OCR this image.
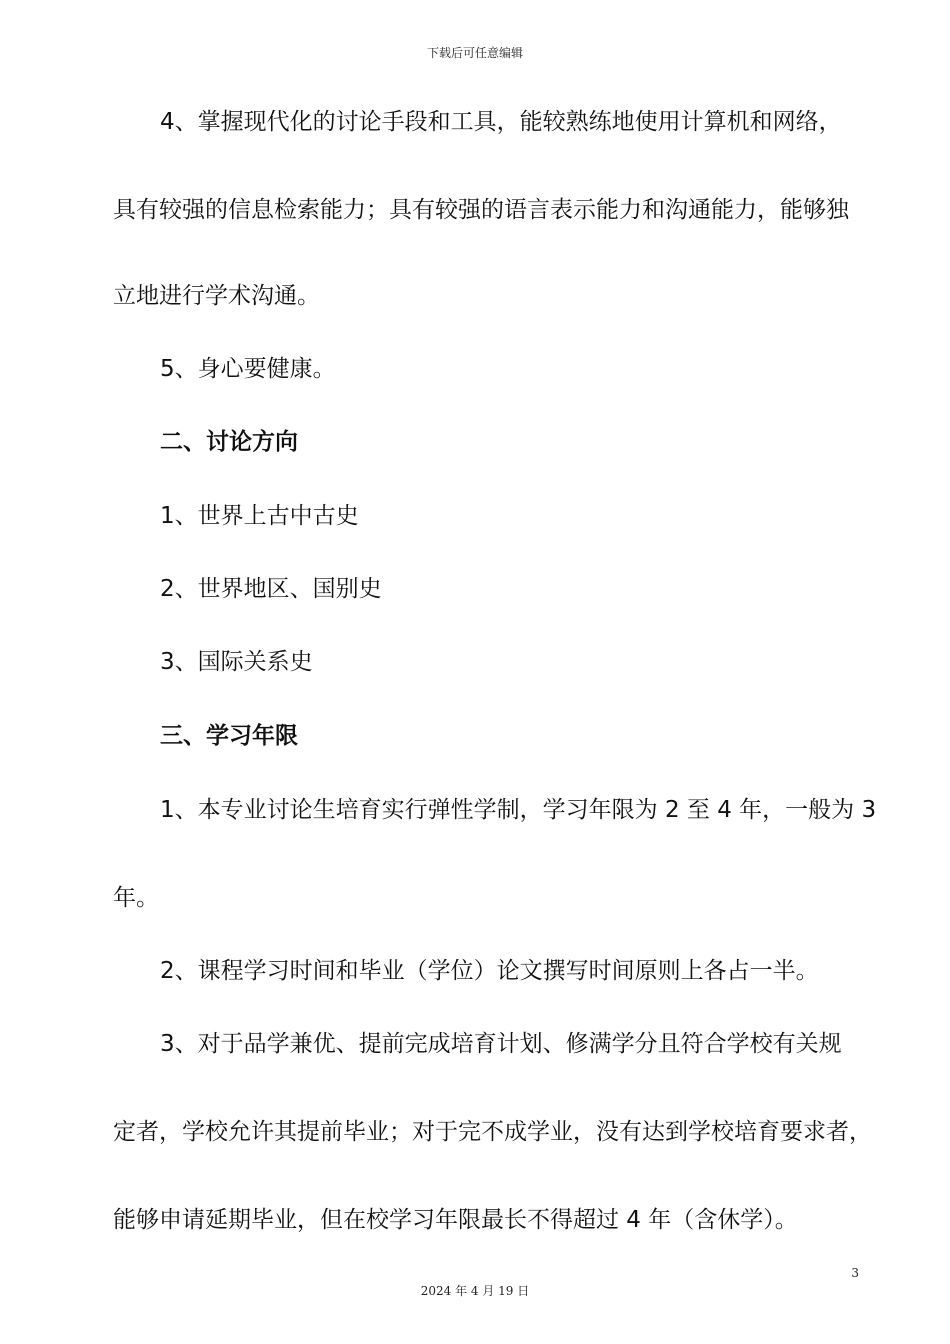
下载后可任意编辑
4、掌握现代化的讨论手段和工具，能较熟练地使用计算机和网络，
具有较强的信息检索能力；具有较强的语言表示能力和沟通能力，能够独
立地进行学术沟通。
5、身心要健康。
二、讨论方向
1、世界上古中古史
2、世界地区、国别史
3、国际关系史
三、学习年限
1、本专业讨论生培育实行弹性学制，学习年限为 2 至 4 年，一般为 3
年。
2、课程学习时间和毕业（学位）论文撰写时间原则上各占一半。
3、对于品学兼优、提前完成培育计划、修满学分且符合学校有关规
定者，学校允许其提前毕业；对于完不成学业，没有达到学校培育要求者，
能够申请延期毕业，但在校学习年限最长不得超过 4 年（含休学）。
3
2024 年 4 月 19 日
